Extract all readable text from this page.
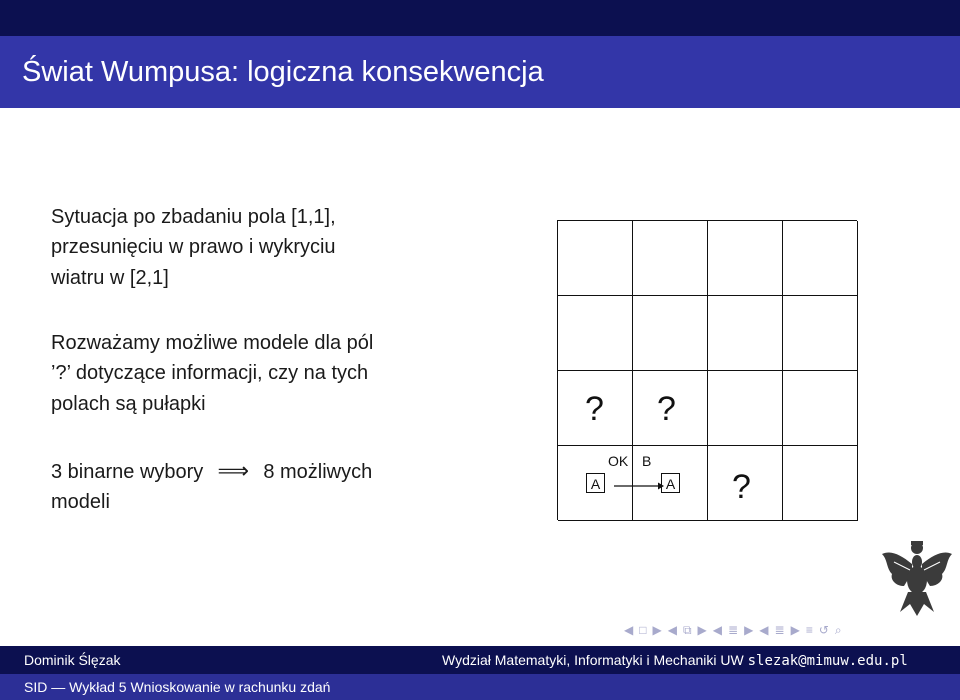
Świat Wumpusa: logiczna konsekwencja
Sytuacja po zbadaniu pola [1,1],
przesunięciu w prawo i wykryciu
wiatru w [2,1]
Rozważamy możliwe modele dla pól
’?’ dotyczące informacji, czy na tych
polach są pułapki
3 binarne wybory ⟹ 8 możliwych
modeli
? ?
?
OK B
A	A
◀ □ ▶ ◀ ⧉ ▶ ◀ ≣ ▶ ◀ ≣ ▶ ≡ ↺ ⌕
Dominik Ślęzak	Wydział Matematyki, Informatyki i Mechaniki UW slezak@mimuw.edu.pl
SID — Wykład 5 Wnioskowanie w rachunku zdań
